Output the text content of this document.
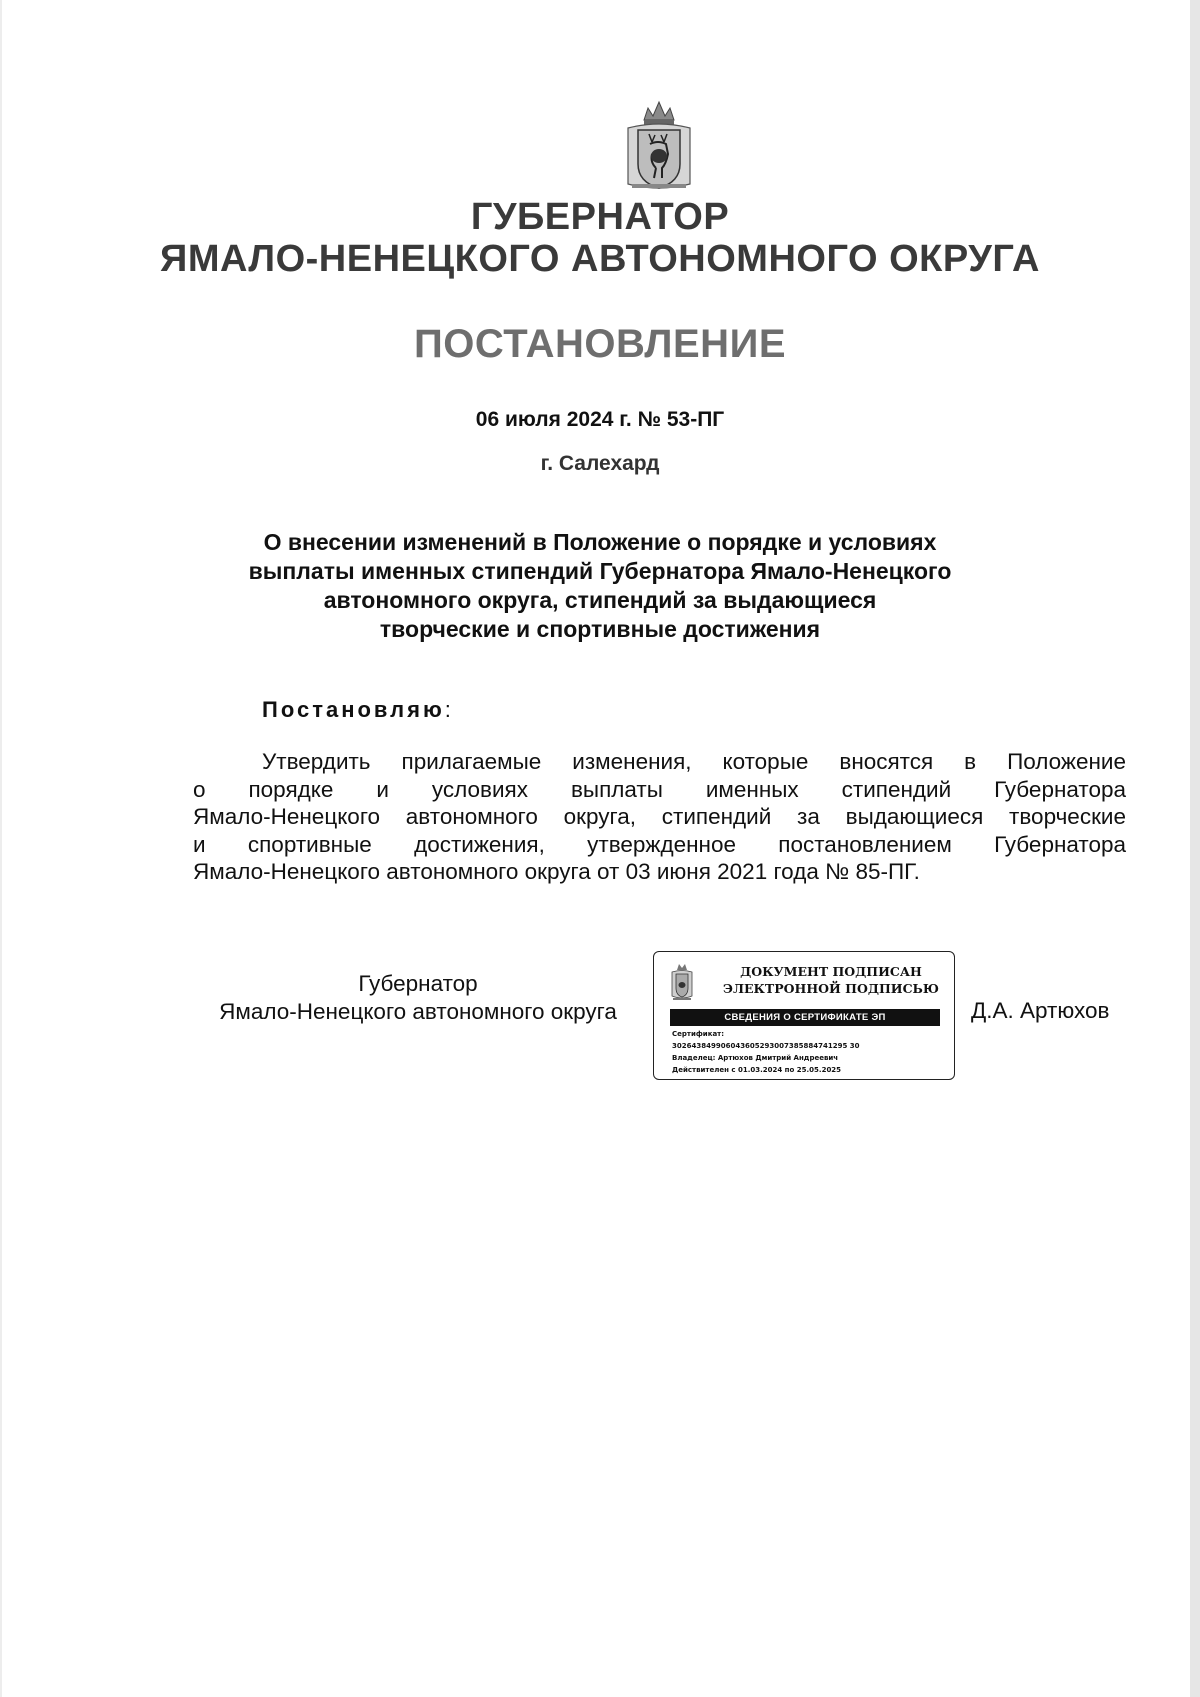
ГУБЕРНАТОР
ЯМАЛО-НЕНЕЦКОГО АВТОНОМНОГО ОКРУГА
ПОСТАНОВЛЕНИЕ
06 июля 2024 г. № 53-ПГ
г. Салехард
О внесении изменений в Положение о порядке и условиях
выплаты именных стипендий Губернатора Ямало-Ненецкого
автономного округа, стипендий за выдающиеся
творческие и спортивные достижения
Постановляю:
Утвердить прилагаемые изменения, которые вносятся в Положение
о порядке и условиях выплаты именных стипендий Губернатора
Ямало-Ненецкого автономного округа, стипендий за выдающиеся творческие
и спортивные достижения, утвержденное постановлением Губернатора
Ямало-Ненецкого автономного округа от 03 июня 2021 года № 85-ПГ.
Губернатор
Ямало-Ненецкого автономного округа
ДОКУМЕНТ ПОДПИСАН
ЭЛЕКТРОННОЙ ПОДПИСЬЮ
СВЕДЕНИЯ О СЕРТИФИКАТЕ ЭП
Сертификат:
302643849906043605293007385884741295 30
Владелец: Артюхов Дмитрий Андреевич
Действителен с 01.03.2024 по 25.05.2025
Д.А. Артюхов
